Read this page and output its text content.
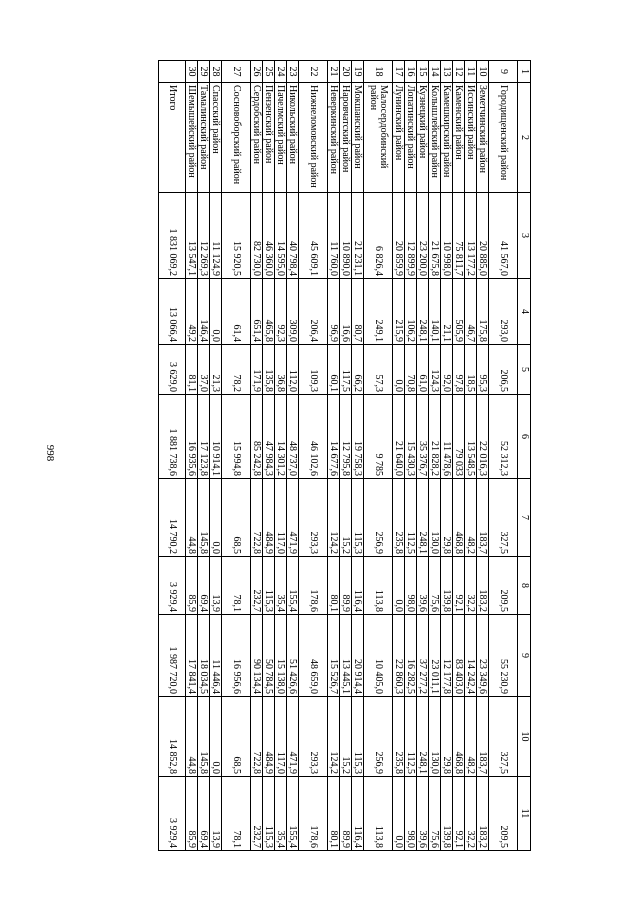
998
1	2	3	4	5	6	7	8	9	10	11
9	Городищенский район	41 567,0	293,0	206,5	52 312,3	327,5	209,5	55 230,9	327,5	209,5
10	Земетчинский район	20 885,0	175,8	95,3	22 016,3	183,7	183,2	23 349,6	183,7	183,2
11	Иссинский район	13 177,2	46,7	18,5	13 548,5	48,2	32,2	14 242,4	48,2	32,2
12	Каменский район	75 811,7	505,9	97,8	79 033	468,8	92,1	83 403,0	468,8	92,1
13	Камешкирский район	10 998,0	21,1	92,0	11 478,6	29,8	139,8	12 177,8	29,8	139,8
14	Колышлейский район	21 675,8	140,1	124,3	21 828,2	130,0	75,6	23 011,1	130,0	75,6
15	Кузнецкий район	23 200,0	248,1	61,0	35 376,7	248,1	39,6	37 277,2	248,1	39,6
16	Лопатинский район	12 899,9	106,2	70,8	15 430,3	112,5	98,0	16 282,5	112,5	98,0
17	Лунинский район	20 859,9	215,9	0,0	21 640,0	235,8	0,0	22 860,3	235,8	0,0
18	Малосердобинский район	6 826,4	249,1	57,3	9 785	256,9	113,8	10 405,0	256,9	113,8
19	Мокшанский район	21 231,1	80,7	66,2	19 758,3	115,3	116,4	20 914,4	115,3	116,4
20	Наровчатский район	10 890,0	16,6	117,5	12 795,8	15,2	89,9	13 445,1	15,2	89,9
21	Неверкинский район	11 760,0	96,9	60,1	14 677,6	124,2	80,1	15 526,7	124,2	80,1
22	Нижнеломовский район	45 609,1	206,4	109,3	46 102,6	293,3	178,6	48 659,0	293,3	178,6
23	Никольский район	40 798,4	309,0	112,0	48 737,0	471,9	155,4	51 426,6	471,9	155,4
24	Пачелмский район	14 595,0	92,3	36,8	14 301,2	117,0	35,4	15 138,0	117,0	35,4
25	Пензенский район	46 360,0	465,8	135,8	47 984,3	484,9	115,3	50 784,5	484,9	115,3
26	Сердобский район	82 730,0	651,4	171,9	85 242,8	722,8	232,7	90 134,4	722,8	232,7
27	Сосновоборский район	15 920,5	61,4	78,2	15 994,8	68,5	78,1	16 956,6	68,5	78,1
28	Спасский район	11 124,9	0,0	21,3	10 914,1	0,0	13,9	11 446,4	0,0	13,9
29	Тамалинский район	12 269,3	146,4	37,0	17 123,8	145,8	69,4	18 034,5	145,8	69,4
30	Шемышейский район	13 547,1	49,2	81,1	16 935,6	44,8	85,9	17 841,4	44,8	85,9
	Итого	1 831 069,2	13 066,4	3 629,0	1 881 738,6	14 790,2	3 929,4	1 987 720,0	14 852,8	3 929,4
